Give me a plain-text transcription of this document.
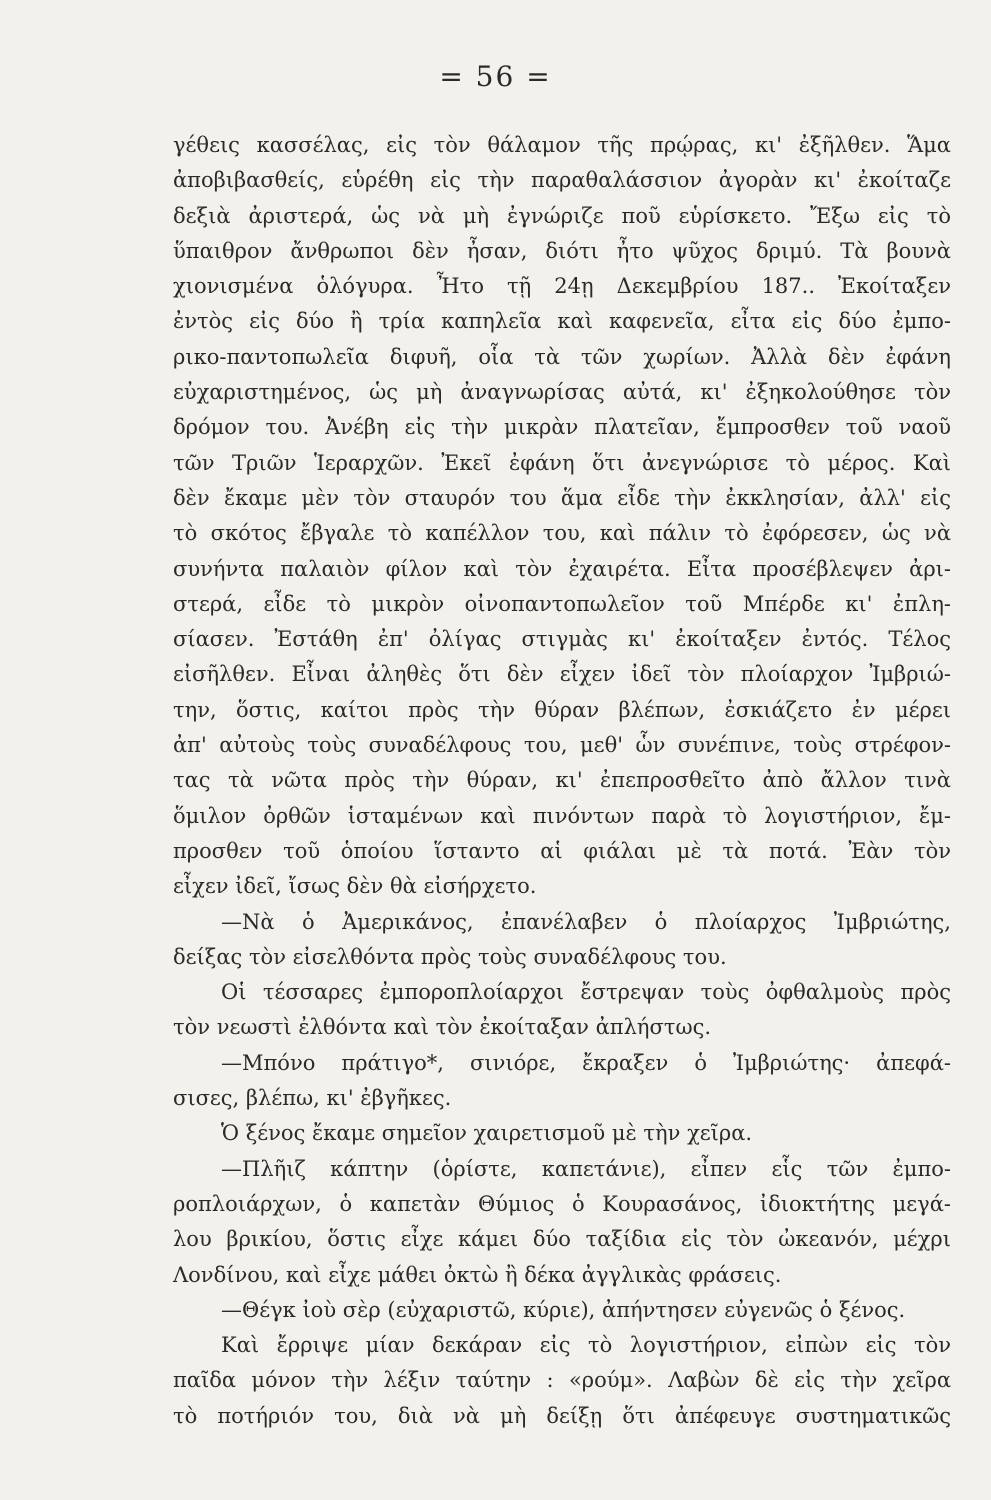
= 56 =

γέθεις κασσέλας, εἰς τὸν θάλαμον τῆς πρῴρας, κι' ἐξῆλθεν. Ἅμα

ἀποβιβασθείς, εὑρέθη εἰς τὴν παραθαλάσσιον ἀγορὰν κι' ἐκοίταζε

δεξιὰ ἀριστερά, ὡς νὰ μὴ ἐγνώριζε ποῦ εὑρίσκετο. Ἔξω εἰς τὸ

ὕπαιθρον ἄνθρωποι δὲν ἦσαν, διότι ἦτο ψῦχος δριμύ. Τὰ βουνὰ

χιονισμένα ὁλόγυρα. Ἦτο τῇ 24ῃ Δεκεμβρίου 187.. Ἐκοίταξεν

ἐντὸς εἰς δύο ἢ τρία καπηλεῖα καὶ καφενεῖα, εἶτα εἰς δύο ἐμπο-

ρικο-παντοπωλεῖα διφυῆ, οἷα τὰ τῶν χωρίων. Ἀλλὰ δὲν ἐφάνη

εὐχαριστημένος, ὡς μὴ ἀναγνωρίσας αὐτά, κι' ἐξηκολούθησε τὸν

δρόμον του. Ἀνέβη εἰς τὴν μικρὰν πλατεῖαν, ἔμπροσθεν τοῦ ναοῦ

τῶν Τριῶν Ἱεραρχῶν. Ἐκεῖ ἐφάνη ὅτι ἀνεγνώρισε τὸ μέρος. Καὶ

δὲν ἔκαμε μὲν τὸν σταυρόν του ἅμα εἶδε τὴν ἐκκλησίαν, ἀλλ' εἰς

τὸ σκότος ἔβγαλε τὸ καπέλλον του, καὶ πάλιν τὸ ἐφόρεσεν, ὡς νὰ

συνήντα παλαιὸν φίλον καὶ τὸν ἐχαιρέτα. Εἶτα προσέβλεψεν ἀρι-

στερά, εἶδε τὸ μικρὸν οἰνοπαντοπωλεῖον τοῦ Μπέρδε κι' ἐπλη-

σίασεν. Ἐστάθη ἐπ' ὀλίγας στιγμὰς κι' ἐκοίταξεν ἐντός. Τέλος

εἰσῆλθεν. Εἶναι ἀληθὲς ὅτι δὲν εἶχεν ἰδεῖ τὸν πλοίαρχον Ἰμβριώ-

την, ὅστις, καίτοι πρὸς τὴν θύραν βλέπων, ἐσκιάζετο ἐν μέρει

ἀπ' αὐτοὺς τοὺς συναδέλφους του, μεθ' ὧν συνέπινε, τοὺς στρέφον-

τας τὰ νῶτα πρὸς τὴν θύραν, κι' ἐπεπροσθεῖτο ἀπὸ ἄλλον τινὰ

ὅμιλον ὀρθῶν ἱσταμένων καὶ πινόντων παρὰ τὸ λογιστήριον, ἔμ-

προσθεν τοῦ ὁποίου ἵσταντο αἱ φιάλαι μὲ τὰ ποτά. Ἐὰν τὸν

εἶχεν ἰδεῖ, ἴσως δὲν θὰ εἰσήρχετο.

—Νὰ ὁ Ἀμερικάνος, ἐπανέλαβεν ὁ πλοίαρχος Ἰμβριώτης,

δείξας τὸν εἰσελθόντα πρὸς τοὺς συναδέλφους του.

Οἱ τέσσαρες ἐμποροπλοίαρχοι ἔστρεψαν τοὺς ὀφθαλμοὺς πρὸς

τὸν νεωστὶ ἐλθόντα καὶ τὸν ἐκοίταξαν ἀπλήστως.

—Μπόνο πράτιγο*, σινιόρε, ἔκραξεν ὁ Ἰμβριώτης· ἀπεφά-

σισες, βλέπω, κι' ἐβγῆκες.

Ὁ ξένος ἔκαμε σημεῖον χαιρετισμοῦ μὲ τὴν χεῖρα.

—Πλῆιζ κάπτην (ὁρίστε, καπετάνιε), εἶπεν εἷς τῶν ἐμπο-

ροπλοιάρχων, ὁ καπετὰν Θύμιος ὁ Κουρασάνος, ἰδιοκτήτης μεγά-

λου βρικίου, ὅστις εἶχε κάμει δύο ταξίδια εἰς τὸν ὠκεανόν, μέχρι

Λονδίνου, καὶ εἶχε μάθει ὀκτὼ ἢ δέκα ἀγγλικὰς φράσεις.

—Θέγκ ἰοὺ σὲρ (εὐχαριστῶ, κύριε), ἀπήντησεν εὐγενῶς ὁ ξένος.

Καὶ ἔρριψε μίαν δεκάραν εἰς τὸ λογιστήριον, εἰπὼν εἰς τὸν

παῖδα μόνον τὴν λέξιν ταύτην : «ρούμ». Λαβὼν δὲ εἰς τὴν χεῖρα

τὸ ποτήριόν του, διὰ νὰ μὴ δείξῃ ὅτι ἀπέφευγε συστηματικῶς
